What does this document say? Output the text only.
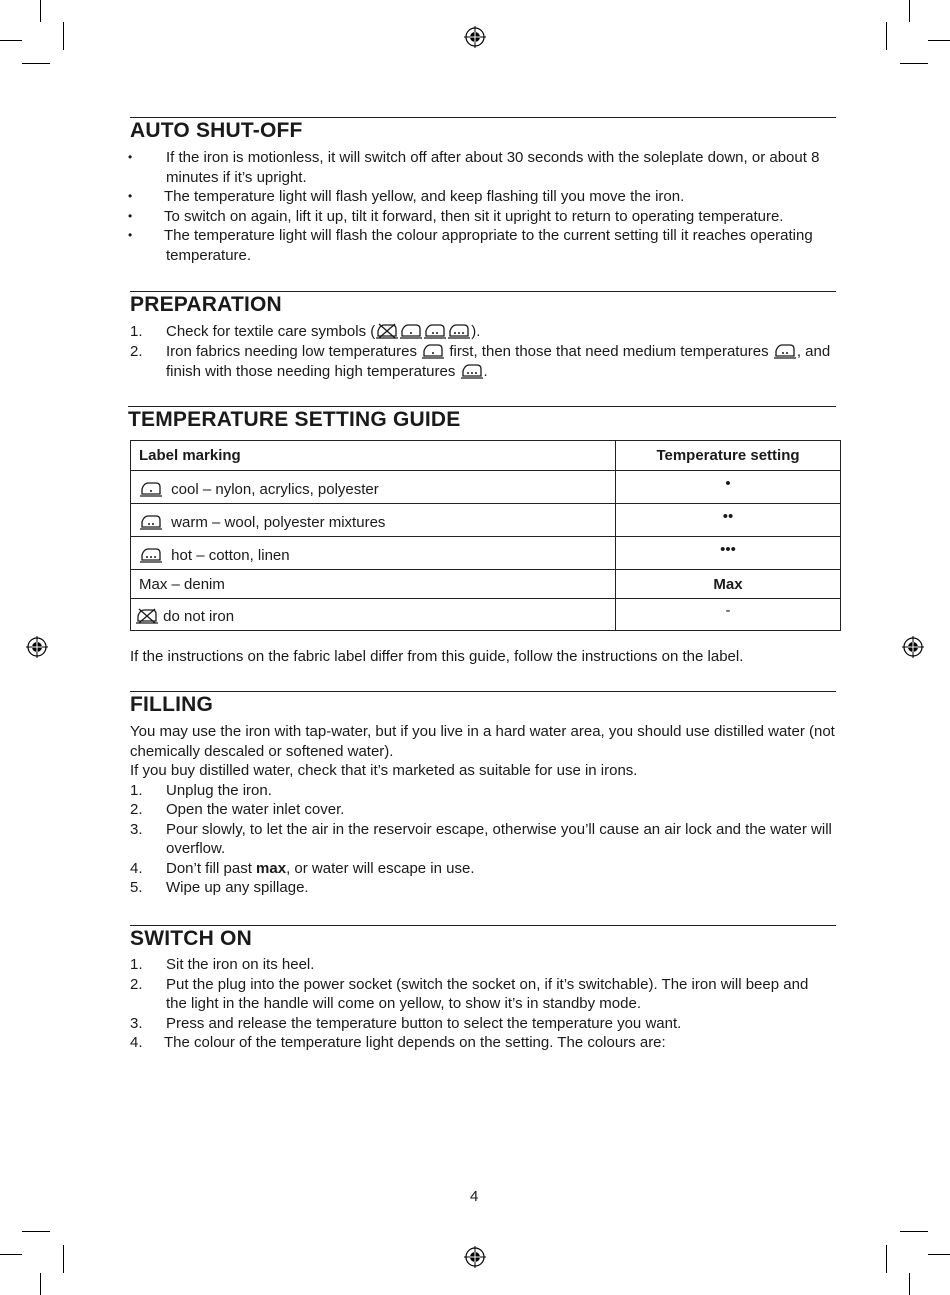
AUTO SHUT-OFF
• If the iron is motionless, it will switch off after about 30 seconds with the soleplate down, or about 8
minutes if it’s upright.
• The temperature light will flash yellow, and keep flashing till you move the iron.
• To switch on again, lift it up, tilt it forward, then sit it upright to return to operating temperature.
• The temperature light will flash the colour appropriate to the current setting till it reaches operating
temperature.
PREPARATION
1. Check for textile care symbols (	).
2. Iron fabrics needing low temperatures first, then those that need medium temperatures , and
finish with those needing high temperatures .
TEMPERATURE SETTING GUIDE
Label marking	Temperature setting
cool – nylon, acrylics, polyester	•
warm – wool, polyester mixtures	••
hot – cotton, linen	•••
Max – denim	Max
do not iron	-
If the instructions on the fabric label differ from this guide, follow the instructions on the label.
FILLING
You may use the iron with tap-water, but if you live in a hard water area, you should use distilled water (not
chemically descaled or softened water).
If you buy distilled water, check that it’s marketed as suitable for use in irons.
1. Unplug the iron.
2. Open the water inlet cover.
3. Pour slowly, to let the air in the reservoir escape, otherwise you’ll cause an air lock and the water will
overflow.
4. Don’t fill past max, or water will escape in use.
5. Wipe up any spillage.
SWITCH ON
1. Sit the iron on its heel.
2. Put the plug into the power socket (switch the socket on, if it’s switchable). The iron will beep and
the light in the handle will come on yellow, to show it’s in standby mode.
3. Press and release the temperature button to select the temperature you want.
4. The colour of the temperature light depends on the setting. The colours are:
4
